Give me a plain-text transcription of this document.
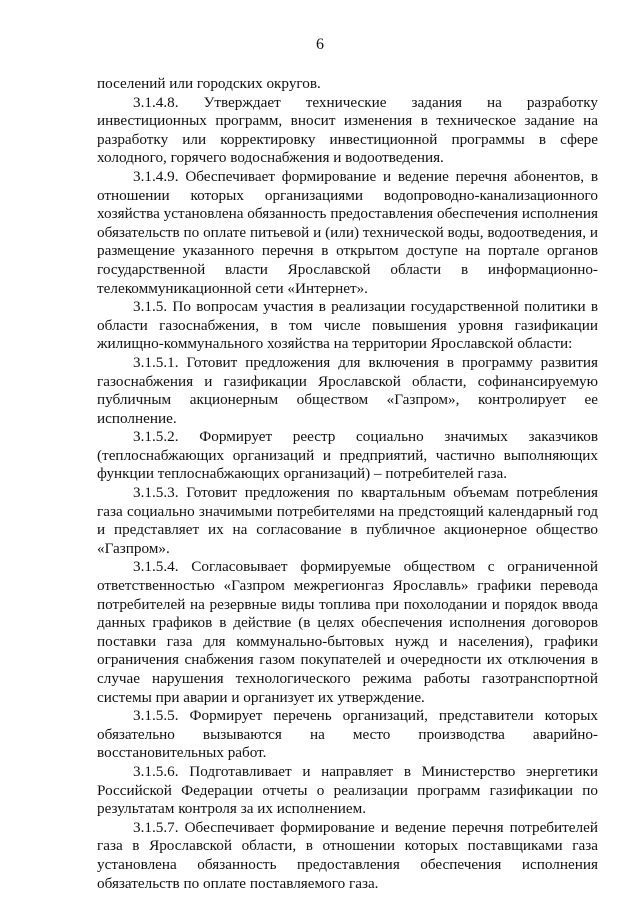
6

поселений или городских округов.

3.1.4.8. Утверждает технические задания на разработку инвестиционных программ, вносит изменения в техническое задание на разработку или корректировку инвестиционной программы в сфере холодного, горячего водоснабжения и водоотведения.

3.1.4.9. Обеспечивает формирование и ведение перечня абонентов, в отношении которых организациями водопроводно-канализационного хозяйства установлена обязанность предоставления обеспечения исполнения обязательств по оплате питьевой и (или) технической воды, водоотведения, и размещение указанного перечня в открытом доступе на портале органов государственной власти Ярославской области в информационно-телекоммуникационной сети «Интернет».

3.1.5. По вопросам участия в реализации государственной политики в области газоснабжения, в том числе повышения уровня газификации жилищно-коммунального хозяйства на территории Ярославской области:

3.1.5.1. Готовит предложения для включения в программу развития газоснабжения и газификации Ярославской области, софинансируемую публичным акционерным обществом «Газпром», контролирует ее исполнение.

3.1.5.2. Формирует реестр социально значимых заказчиков (теплоснабжающих организаций и предприятий, частично выполняющих функции теплоснабжающих организаций) – потребителей газа.

3.1.5.3. Готовит предложения по квартальным объемам потребления газа социально значимыми потребителями на предстоящий календарный год и представляет их на согласование в публичное акционерное общество «Газпром».

3.1.5.4. Согласовывает формируемые обществом с ограниченной ответственностью «Газпром межрегионгаз Ярославль» графики перевода потребителей на резервные виды топлива при похолодании и порядок ввода данных графиков в действие (в целях обеспечения исполнения договоров поставки газа для коммунально-бытовых нужд и населения), графики ограничения снабжения газом покупателей и очередности их отключения в случае нарушения технологического режима работы газотранспортной системы при аварии и организует их утверждение.

3.1.5.5. Формирует перечень организаций, представители которых обязательно вызываются на место производства аварийно-восстановительных работ.

3.1.5.6. Подготавливает и направляет в Министерство энергетики Российской Федерации отчеты о реализации программ газификации по результатам контроля за их исполнением.

3.1.5.7. Обеспечивает формирование и ведение перечня потребителей газа в Ярославской области, в отношении которых поставщиками газа установлена обязанность предоставления обеспечения исполнения обязательств по оплате поставляемого газа.
